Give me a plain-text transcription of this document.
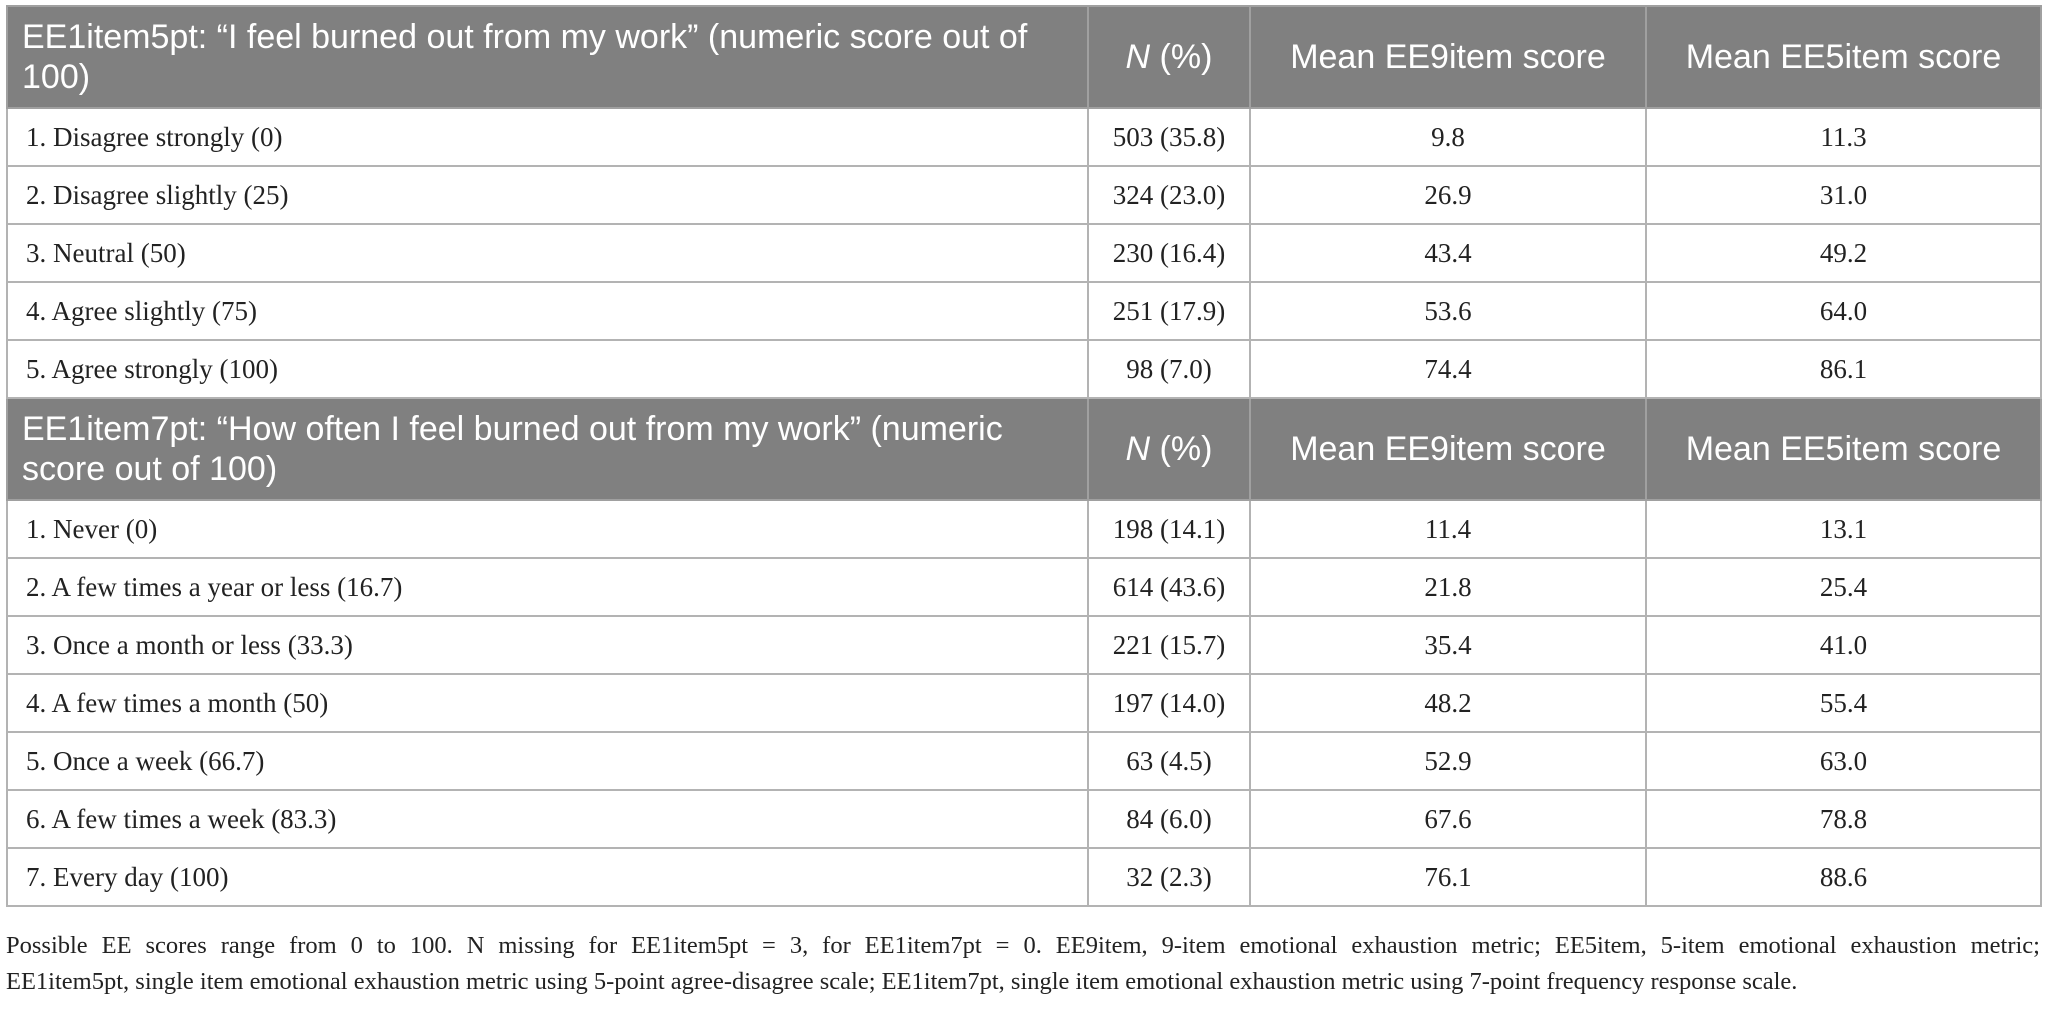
EE1item5pt: “I feel burned out from my work” (numeric score out of 100)	N (%)	Mean EE9item score	Mean EE5item score
1. Disagree strongly (0)	503 (35.8)	9.8	11.3
2. Disagree slightly (25)	324 (23.0)	26.9	31.0
3. Neutral (50)	230 (16.4)	43.4	49.2
4. Agree slightly (75)	251 (17.9)	53.6	64.0
5. Agree strongly (100)	98 (7.0)	74.4	86.1
EE1item7pt: “How often I feel burned out from my work” (numeric score out of 100)	N (%)	Mean EE9item score	Mean EE5item score
1. Never (0)	198 (14.1)	11.4	13.1
2. A few times a year or less (16.7)	614 (43.6)	21.8	25.4
3. Once a month or less (33.3)	221 (15.7)	35.4	41.0
4. A few times a month (50)	197 (14.0)	48.2	55.4
5. Once a week (66.7)	63 (4.5)	52.9	63.0
6. A few times a week (83.3)	84 (6.0)	67.6	78.8
7. Every day (100)	32 (2.3)	76.1	88.6
Possible EE scores range from 0 to 100. N missing for EE1item5pt = 3, for EE1item7pt = 0. EE9item, 9-item emotional exhaustion metric; EE5item, 5-item emotional exhaustion metric;
EE1item5pt, single item emotional exhaustion metric using 5-point agree-disagree scale; EE1item7pt, single item emotional exhaustion metric using 7-point frequency response scale.
